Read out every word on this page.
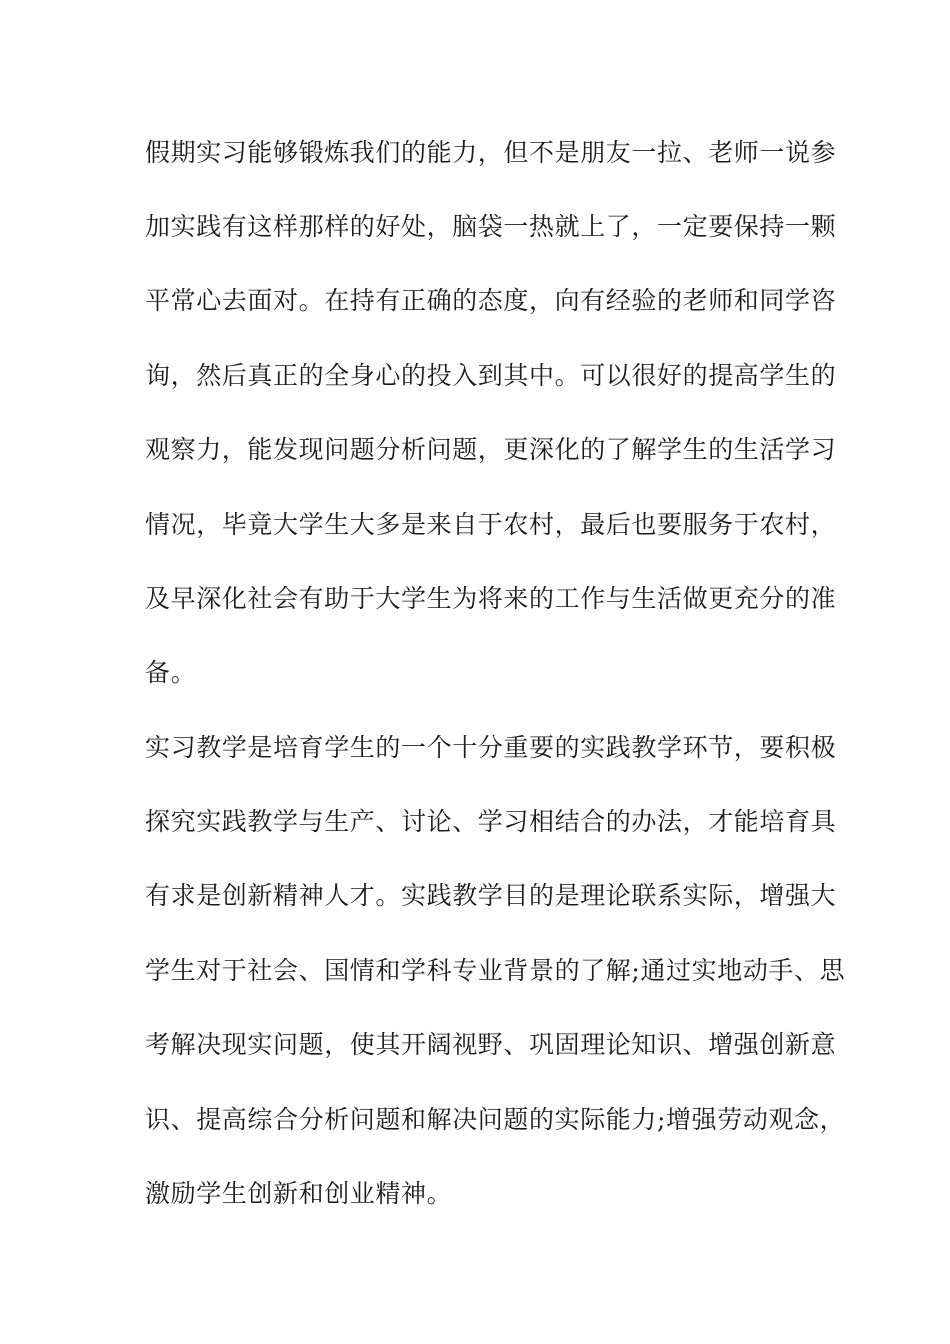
假期实习能够锻炼我们的能力，但不是朋友一拉、老师一说参
加实践有这样那样的好处，脑袋一热就上了，一定要保持一颗
平常心去面对。在持有正确的态度，向有经验的老师和同学咨
询，然后真正的全身心的投入到其中。可以很好的提高学生的
观察力，能发现问题分析问题，更深化的了解学生的生活学习
情况，毕竟大学生大多是来自于农村，最后也要服务于农村，
及早深化社会有助于大学生为将来的工作与生活做更充分的准
备。
实习教学是培育学生的一个十分重要的实践教学环节，要积极
探究实践教学与生产、讨论、学习相结合的办法，才能培育具
有求是创新精神人才。实践教学目的是理论联系实际，增强大
学生对于社会、国情和学科专业背景的了解;通过实地动手、思
考解决现实问题，使其开阔视野、巩固理论知识、增强创新意
识、提高综合分析问题和解决问题的实际能力;增强劳动观念，
激励学生创新和创业精神。
